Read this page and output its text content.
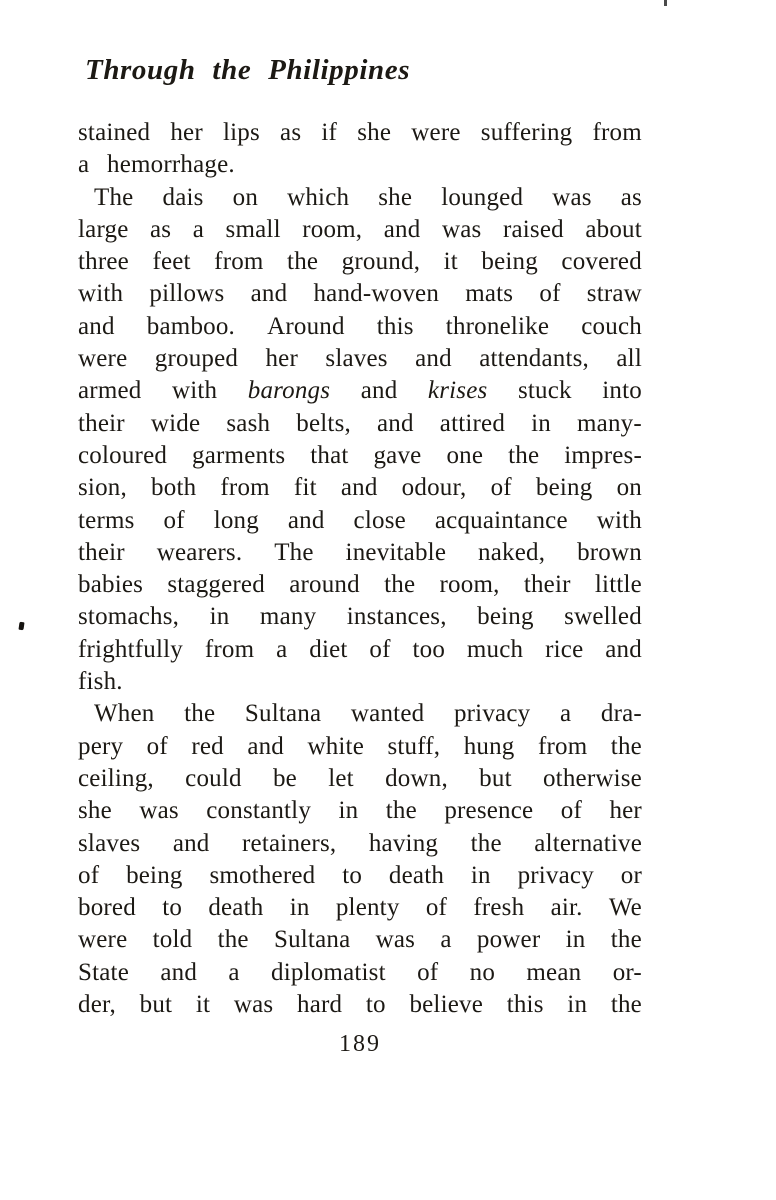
Through the Philippines
stained her lips as if she were suffering from
a hemorrhage.
The dais on which she lounged was as
large as a small room, and was raised about
three feet from the ground, it being covered
with pillows and hand-woven mats of straw
and bamboo. Around this thronelike couch
were grouped her slaves and attendants, all
armed with barongs and krises stuck into
their wide sash belts, and attired in many-
coloured garments that gave one the impres-
sion, both from fit and odour, of being on
terms of long and close acquaintance with
their wearers. The inevitable naked, brown
babies staggered around the room, their little
stomachs, in many instances, being swelled
frightfully from a diet of too much rice and
fish.
When the Sultana wanted privacy a dra-
pery of red and white stuff, hung from the
ceiling, could be let down, but otherwise
she was constantly in the presence of her
slaves and retainers, having the alternative
of being smothered to death in privacy or
bored to death in plenty of fresh air. We
were told the Sultana was a power in the
State and a diplomatist of no mean or-
der, but it was hard to believe this in the
189
